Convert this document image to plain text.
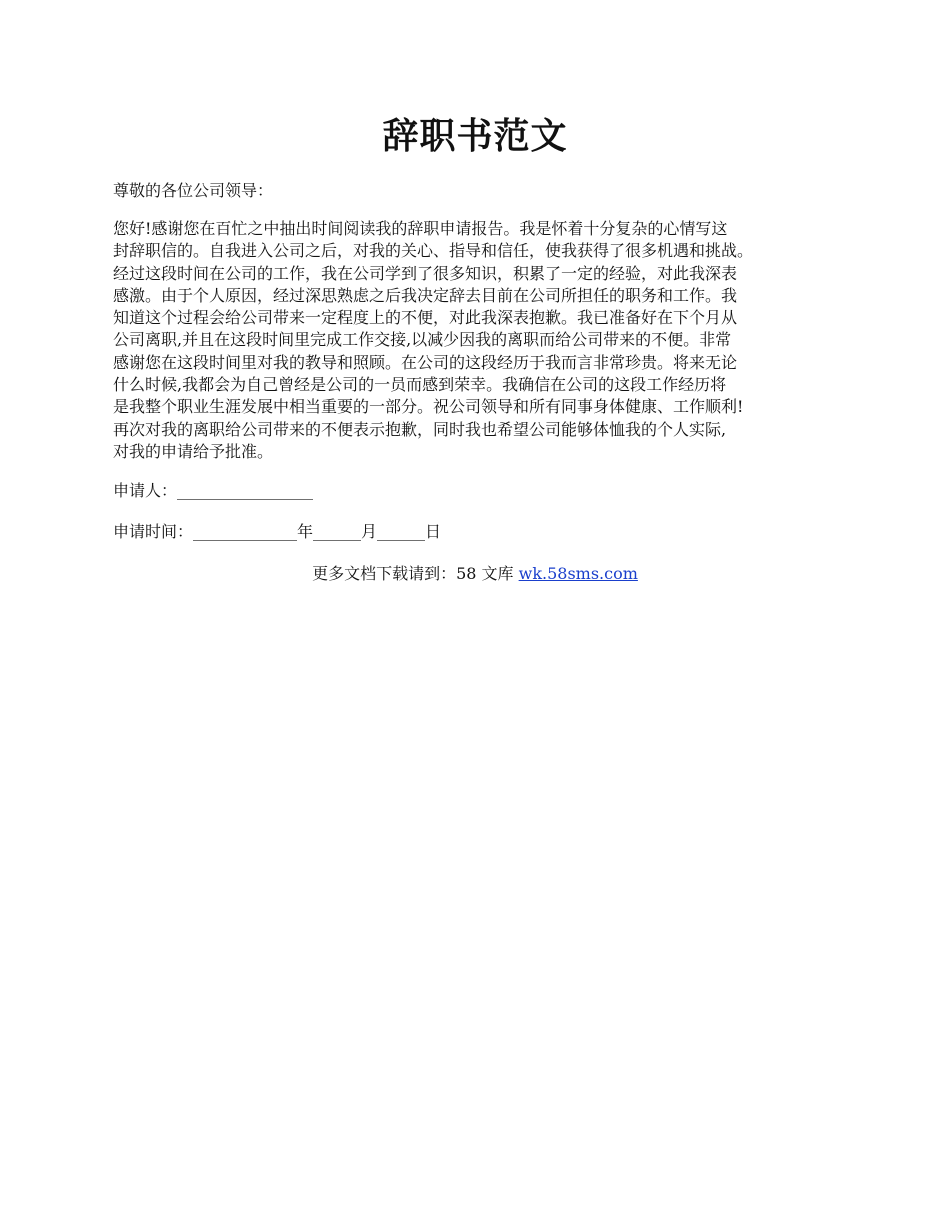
辞职书范文
尊敬的各位公司领导：
您好!感谢您在百忙之中抽出时间阅读我的辞职申请报告。我是怀着十分复杂的心情写这
封辞职信的。自我进入公司之后，对我的关心、指导和信任，使我获得了很多机遇和挑战。
经过这段时间在公司的工作，我在公司学到了很多知识，积累了一定的经验，对此我深表
感激。由于个人原因，经过深思熟虑之后我决定辞去目前在公司所担任的职务和工作。我
知道这个过程会给公司带来一定程度上的不便，对此我深表抱歉。我已准备好在下个月从
公司离职,并且在这段时间里完成工作交接,以减少因我的离职而给公司带来的不便。非常
感谢您在这段时间里对我的教导和照顾。在公司的这段经历于我而言非常珍贵。将来无论
什么时候,我都会为自己曾经是公司的一员而感到荣幸。我确信在公司的这段工作经历将
是我整个职业生涯发展中相当重要的一部分。祝公司领导和所有同事身体健康、工作顺利!
再次对我的离职给公司带来的不便表示抱歉，同时我也希望公司能够体恤我的个人实际,
对我的申请给予批准。
申请人：_________________
申请时间：_____________年______月______日
更多文档下载请到：58 文库 wk.58sms.com
